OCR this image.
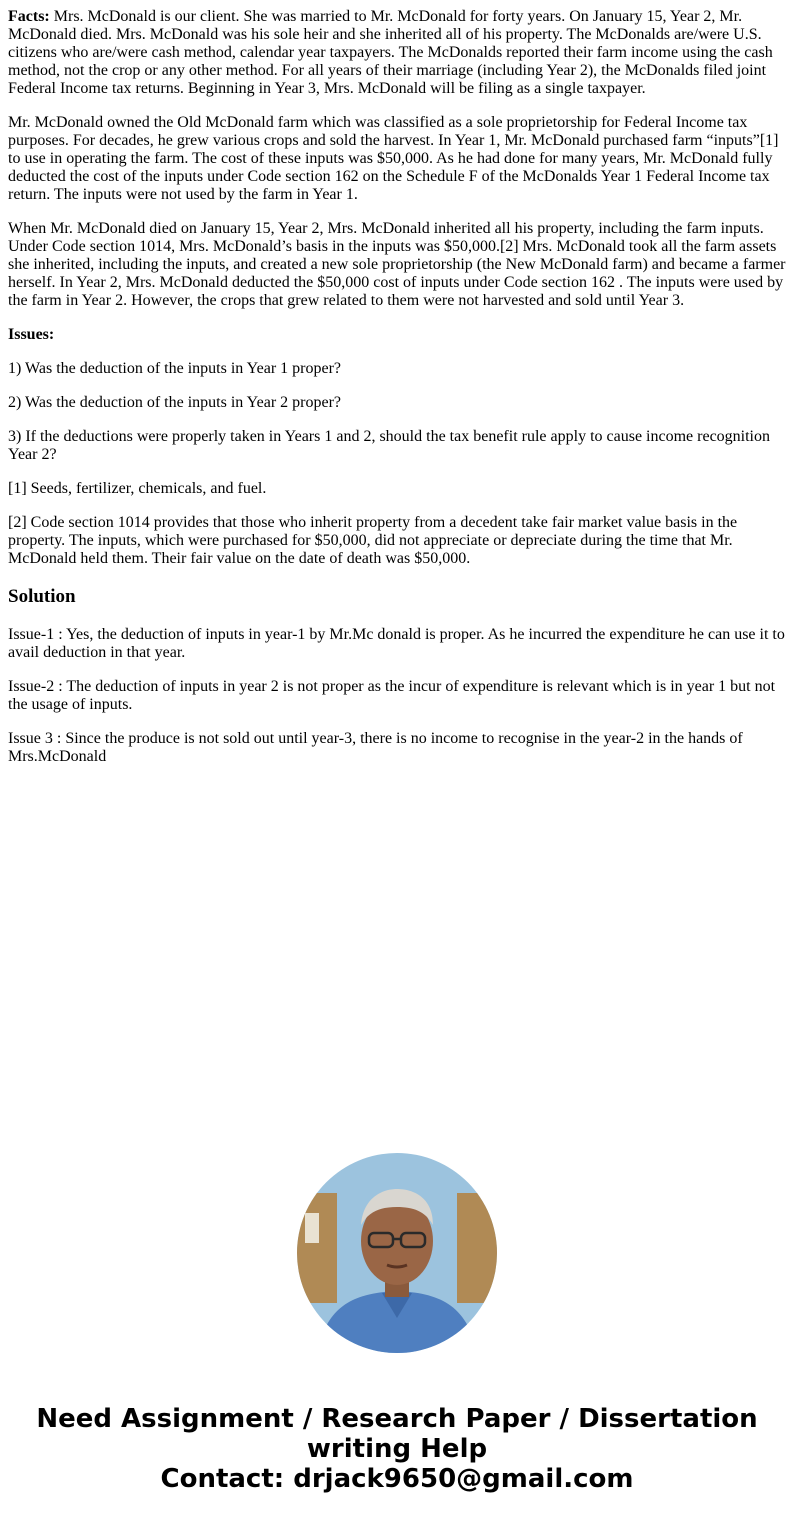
Facts: Mrs. McDonald is our client. She was married to Mr. McDonald for forty years. On January 15, Year 2, Mr. McDonald died. Mrs. McDonald was his sole heir and she inherited all of his property. The McDonalds are/were U.S. citizens who are/were cash method, calendar year taxpayers. The McDonalds reported their farm income using the cash method, not the crop or any other method. For all years of their marriage (including Year 2), the McDonalds filed joint Federal Income tax returns. Beginning in Year 3, Mrs. McDonald will be filing as a single taxpayer.

Mr. McDonald owned the Old McDonald farm which was classified as a sole proprietorship for Federal Income tax purposes. For decades, he grew various crops and sold the harvest. In Year 1, Mr. McDonald purchased farm “inputs”[1] to use in operating the farm. The cost of these inputs was $50,000. As he had done for many years, Mr. McDonald fully deducted the cost of the inputs under Code section 162 on the Schedule F of the McDonalds Year 1 Federal Income tax return. The inputs were not used by the farm in Year 1.

When Mr. McDonald died on January 15, Year 2, Mrs. McDonald inherited all his property, including the farm inputs. Under Code section 1014, Mrs. McDonald’s basis in the inputs was $50,000.[2] Mrs. McDonald took all the farm assets she inherited, including the inputs, and created a new sole proprietorship (the New McDonald farm) and became a farmer herself. In Year 2, Mrs. McDonald deducted the $50,000 cost of inputs under Code section 162 . The inputs were used by the farm in Year 2. However, the crops that grew related to them were not harvested and sold until Year 3.

Issues:

1) Was the deduction of the inputs in Year 1 proper?

2) Was the deduction of the inputs in Year 2 proper?

3) If the deductions were properly taken in Years 1 and 2, should the tax benefit rule apply to cause income recognition Year 2?

[1] Seeds, fertilizer, chemicals, and fuel.

[2] Code section 1014 provides that those who inherit property from a decedent take fair market value basis in the property. The inputs, which were purchased for $50,000, did not appreciate or depreciate during the time that Mr. McDonald held them. Their fair value on the date of death was $50,000.

Solution

Issue-1 : Yes, the deduction of inputs in year-1 by Mr.Mc donald is proper. As he incurred the expenditure he can use it to avail deduction in that year.

Issue-2 : The deduction of inputs in year 2 is not proper as the incur of expenditure is relevant which is in year 1 but not the usage of inputs.

Issue 3 : Since the produce is not sold out until year-3, there is no income to recognise in the year-2 in the hands of Mrs.McDonald

Need Assignment / Research Paper / Dissertation
writing Help
Contact: drjack9650@gmail.com
